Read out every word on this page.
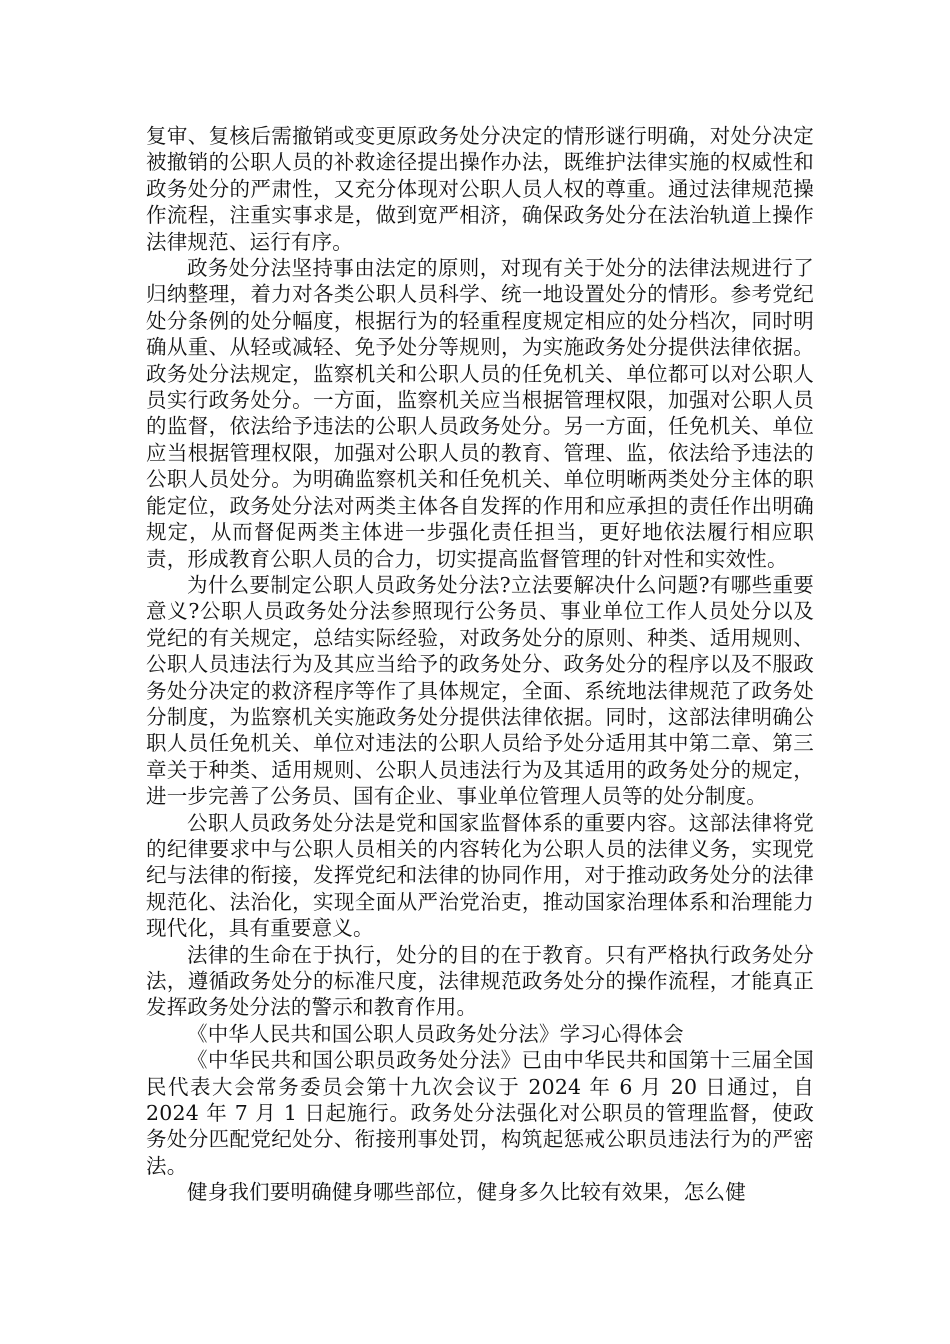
复审、复核后需撤销或变更原政务处分决定的情形谜行明确，对处分决定被撤销的公职人员的补救途径提出操作办法，既维护法律实施的权威性和政务处分的严肃性，又充分体现对公职人员人权的尊重。通过法律规范操作流程，注重实事求是，做到宽严相济，确保政务处分在法治轨道上操作法律规范、运行有序。

政务处分法坚持事由法定的原则，对现有关于处分的法律法规进行了归纳整理，着力对各类公职人员科学、统一地设置处分的情形。参考党纪处分条例的处分幅度，根据行为的轻重程度规定相应的处分档次，同时明确从重、从轻或减轻、免予处分等规则，为实施政务处分提供法律依据。政务处分法规定，监察机关和公职人员的任免机关、单位都可以对公职人员实行政务处分。一方面，监察机关应当根据管理权限，加强对公职人员的监督，依法给予违法的公职人员政务处分。另一方面，任免机关、单位应当根据管理权限，加强对公职人员的教育、管理、监，依法给予违法的公职人员处分。为明确监察机关和任免机关、单位明晰两类处分主体的职能定位，政务处分法对两类主体各自发挥的作用和应承担的责任作出明确规定，从而督促两类主体进一步强化责任担当，更好地依法履行相应职责，形成教育公职人员的合力，切实提高监督管理的针对性和实效性。

为什么要制定公职人员政务处分法?立法要解决什么问题?有哪些重要意义?公职人员政务处分法参照现行公务员、事业单位工作人员处分以及党纪的有关规定，总结实际经验，对政务处分的原则、种类、适用规则、公职人员违法行为及其应当给予的政务处分、政务处分的程序以及不服政务处分决定的救济程序等作了具体规定，全面、系统地法律规范了政务处分制度，为监察机关实施政务处分提供法律依据。同时，这部法律明确公职人员任免机关、单位对违法的公职人员给予处分适用其中第二章、第三章关于种类、适用规则、公职人员违法行为及其适用的政务处分的规定，进一步完善了公务员、国有企业、事业单位管理人员等的处分制度。

公职人员政务处分法是党和国家监督体系的重要内容。这部法律将党的纪律要求中与公职人员相关的内容转化为公职人员的法律义务，实现党纪与法律的衔接，发挥党纪和法律的协同作用，对于推动政务处分的法律规范化、法治化，实现全面从严治党治吏，推动国家治理体系和治理能力现代化，具有重要意义。

法律的生命在于执行，处分的目的在于教育。只有严格执行政务处分法，遵循政务处分的标准尺度，法律规范政务处分的操作流程，才能真正发挥政务处分法的警示和教育作用。

《中华人民共和国公职人员政务处分法》学习心得体会

《中华民共和国公职员政务处分法》已由中华民共和国第十三届全国民代表大会常务委员会第十九次会议于 2024 年 6 月 20 日通过，自 2024 年 7 月 1 日起施行。政务处分法强化对公职员的管理监督，使政务处分匹配党纪处分、衔接刑事处罚，构筑起惩戒公职员违法行为的严密法。

健身我们要明确健身哪些部位，健身多久比较有效果，怎么健
